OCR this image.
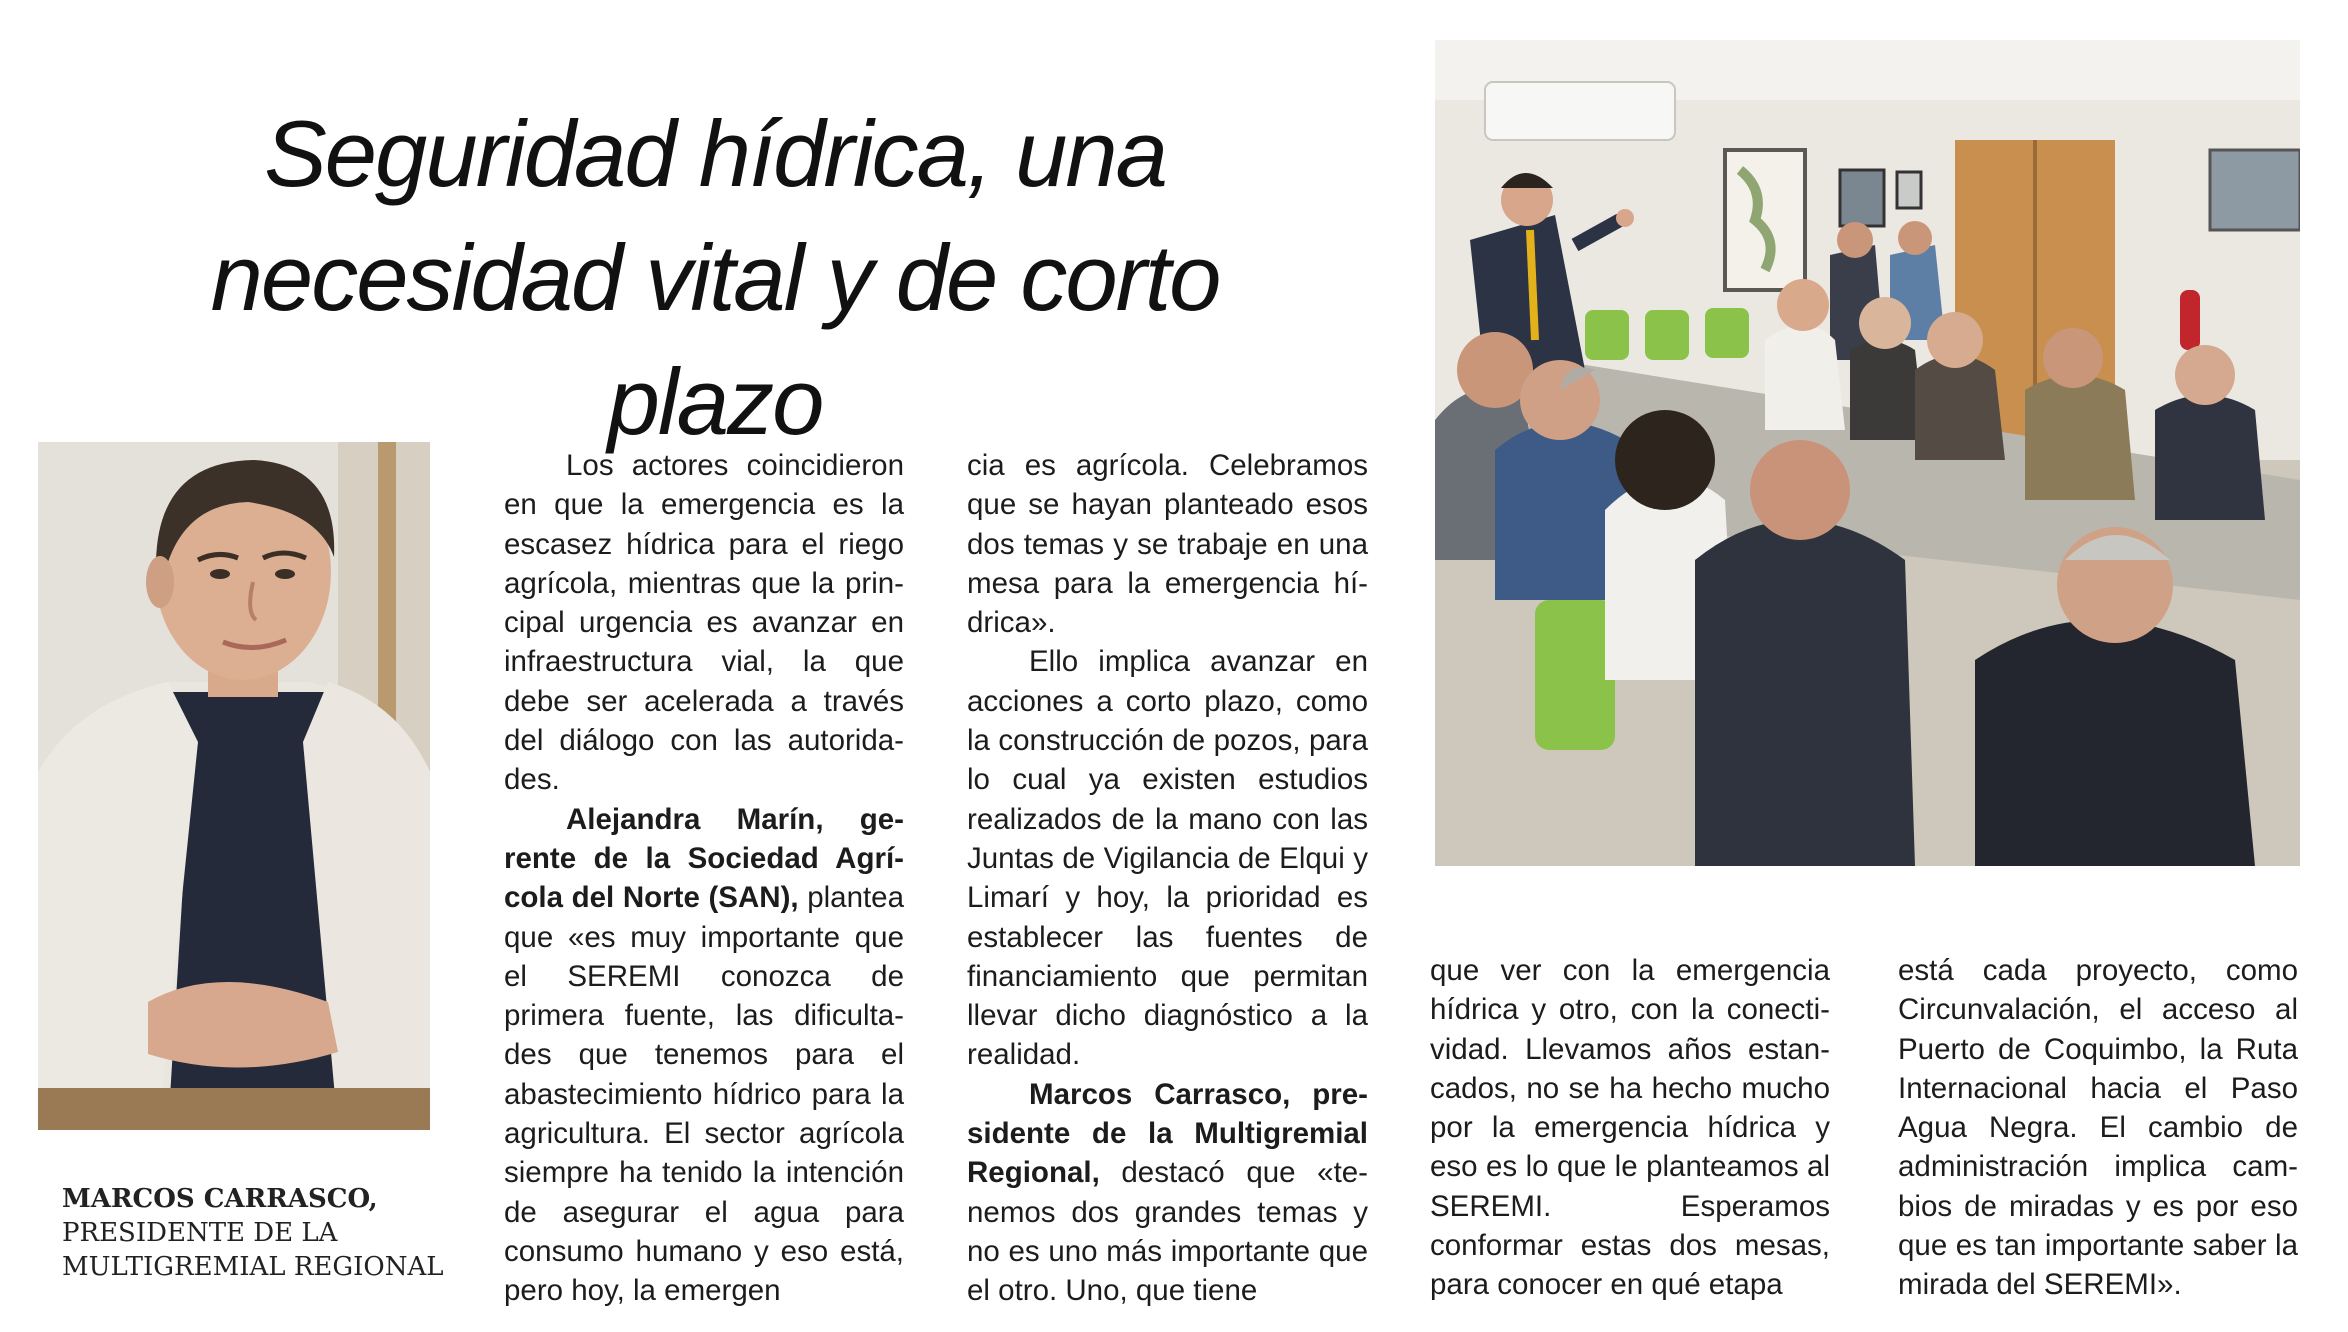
Seguridad hídrica, una
necesidad vital y de corto plazo
MARCOS CARRASCO,
PRESIDENTE DE LA
MULTIGREMIAL REGIONAL

Los actores coincidieron en que la emergencia es la escasez hídrica para el riego agrícola, mientras que la principal urgencia es avanzar en infraestructura vial, la que debe ser acelerada a través del diálogo con las autoridades.

Alejandra Marín, gerente de la Sociedad Agrícola del Norte (SAN), plantea que «es muy importante que el SEREMI conozca de primera fuente, las dificultades que tenemos para el abastecimiento hídrico para la agricultura. El sector agrícola siempre ha tenido la intención de asegurar el agua para consumo humano y eso está, pero hoy, la emergen

cia es agrícola. Celebramos que se hayan planteado esos dos temas y se trabaje en una mesa para la emergencia hídrica».

Ello implica avanzar en acciones a corto plazo, como la construcción de pozos, para lo cual ya existen estudios realizados de la mano con las Juntas de Vigilancia de Elqui y Limarí y hoy, la prioridad es establecer las fuentes de financiamiento que permitan llevar dicho diagnóstico a la realidad.

Marcos Carrasco, presidente de la Multigremial Regional, destacó que «tenemos dos grandes temas y no es uno más importante que el otro. Uno, que tiene

que ver con la emergencia hídrica y otro, con la conectividad. Llevamos años estancados, no se ha hecho mucho por la emergencia hídrica y eso es lo que le planteamos al SEREMI. Esperamos conformar estas dos mesas, para conocer en qué etapa

está cada proyecto, como Circunvalación, el acceso al Puerto de Coquimbo, la Ruta Internacional hacia el Paso Agua Negra. El cambio de administración implica cambios de miradas y es por eso que es tan importante saber la mirada del SEREMI».
